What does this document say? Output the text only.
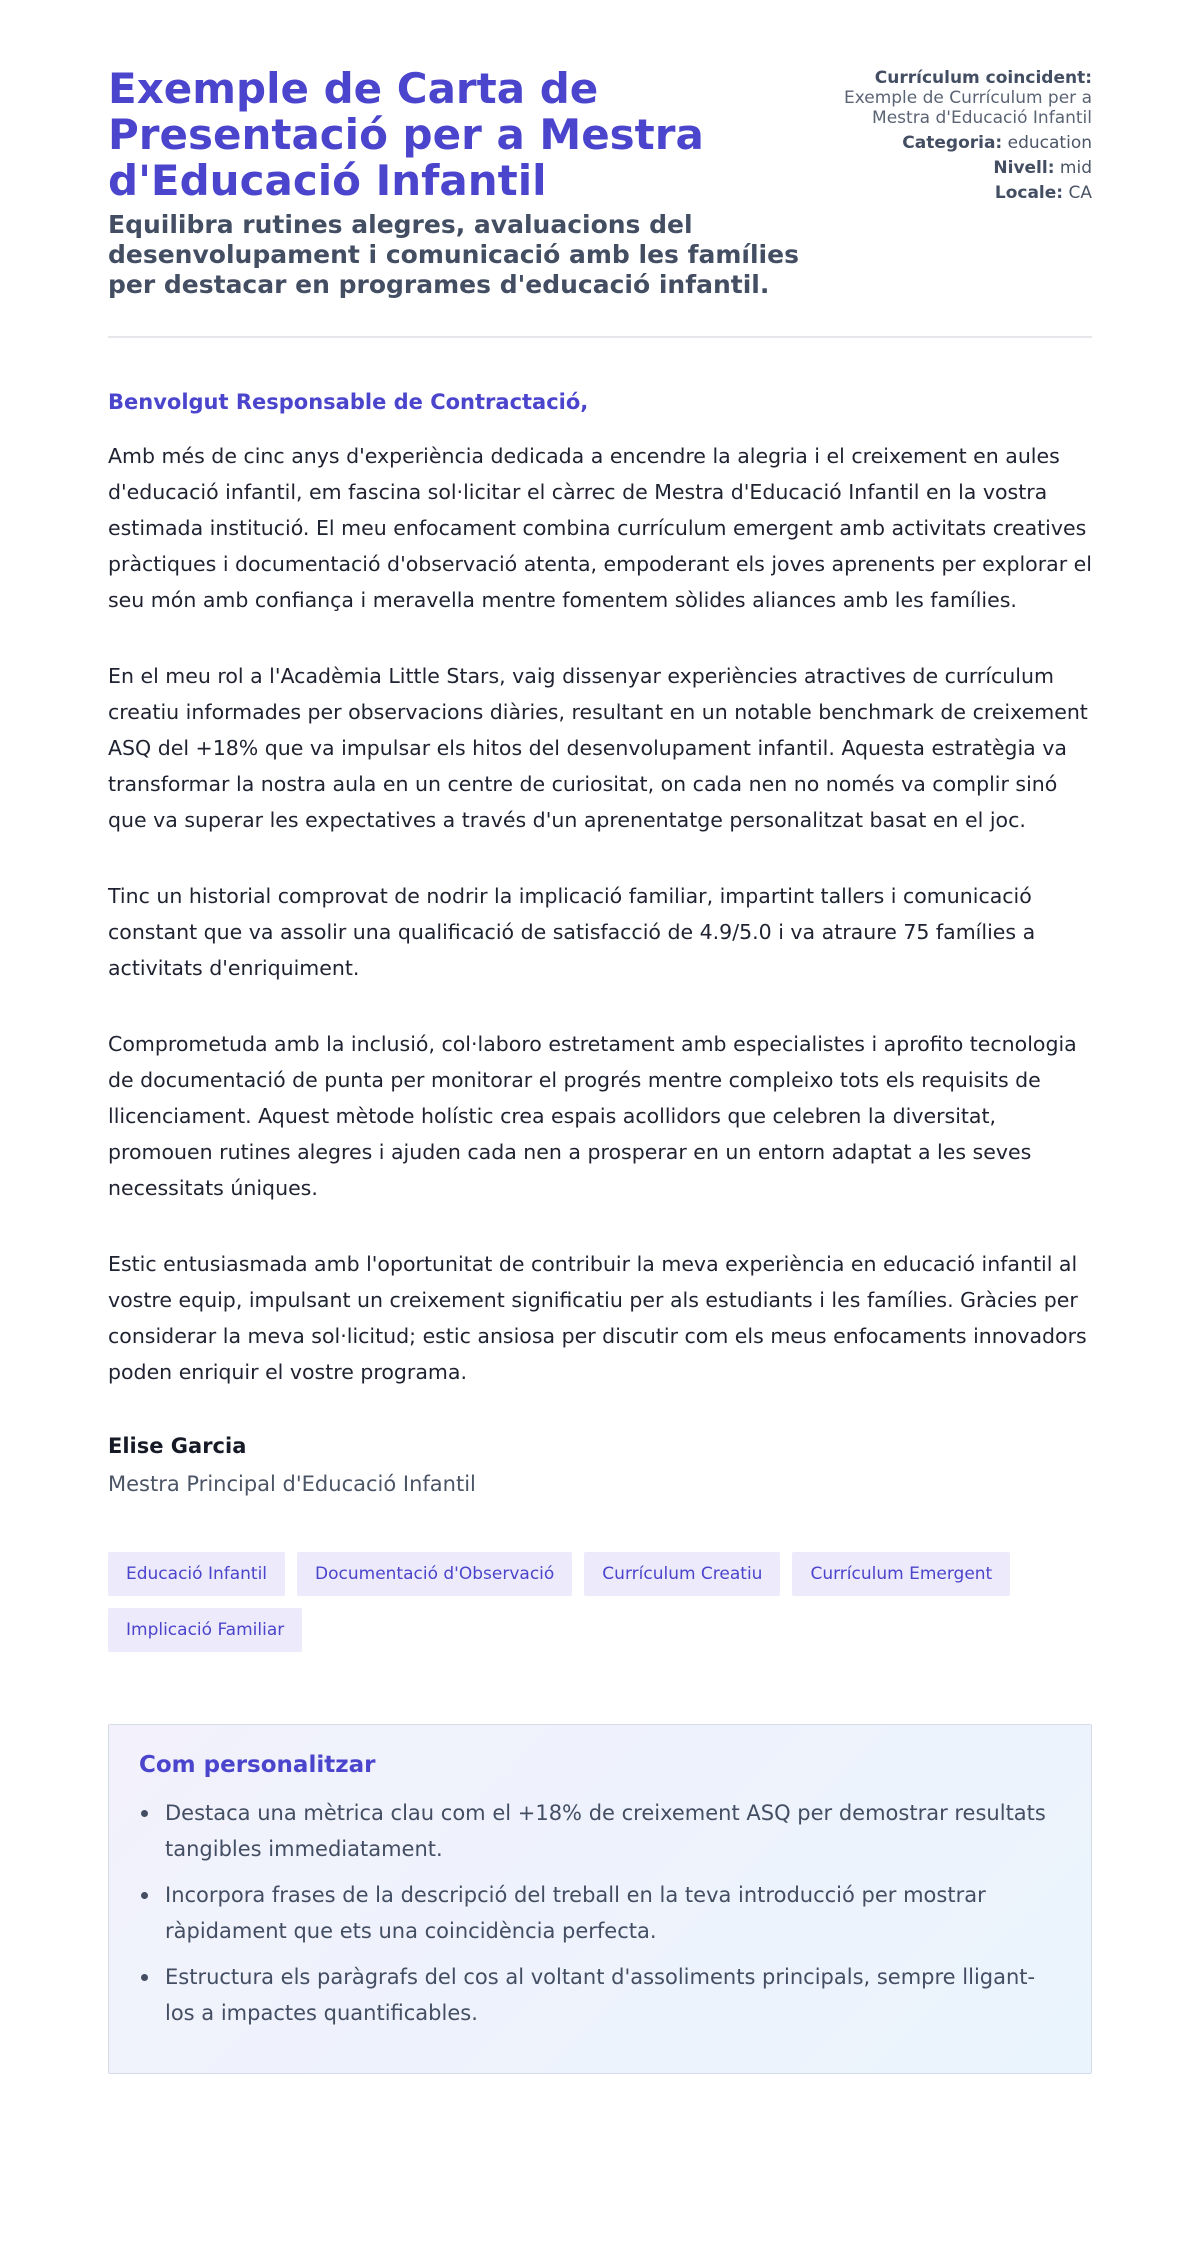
Exemple de Carta de Presentació per a Mestra d'Educació Infantil
Equilibra rutines alegres, avaluacions del desenvolupament i comunicació amb les famílies per destacar en programes d'educació infantil.
Currículum coincident:
Exemple de Currículum per a Mestra d'Educació Infantil
Categoria: education
Nivell: mid
Locale: CA
Benvolgut Responsable de Contractació,

Amb més de cinc anys d'experiència dedicada a encendre la alegria i el creixement en aules d'educació infantil, em fascina sol·licitar el càrrec de Mestra d'Educació Infantil en la vostra estimada institució. El meu enfocament combina currículum emergent amb activitats creatives pràctiques i documentació d'observació atenta, empoderant els joves aprenents per explorar el seu món amb confiança i meravella mentre fomentem sòlides aliances amb les famílies.

En el meu rol a l'Acadèmia Little Stars, vaig dissenyar experiències atractives de currículum creatiu informades per observacions diàries, resultant en un notable benchmark de creixement ASQ del +18% que va impulsar els hitos del desenvolupament infantil. Aquesta estratègia va transformar la nostra aula en un centre de curiositat, on cada nen no només va complir sinó que va superar les expectatives a través d'un aprenentatge personalitzat basat en el joc.

Tinc un historial comprovat de nodrir la implicació familiar, impartint tallers i comunicació constant que va assolir una qualificació de satisfacció de 4.9/5.0 i va atraure 75 famílies a activitats d'enriquiment.

Comprometuda amb la inclusió, col·laboro estretament amb especialistes i aprofito tecnologia de documentació de punta per monitorar el progrés mentre compleixo tots els requisits de llicenciament. Aquest mètode holístic crea espais acollidors que celebren la diversitat, promouen rutines alegres i ajuden cada nen a prosperar en un entorn adaptat a les seves necessitats úniques.

Estic entusiasmada amb l'oportunitat de contribuir la meva experiència en educació infantil al vostre equip, impulsant un creixement significatiu per als estudiants i les famílies. Gràcies per considerar la meva sol·licitud; estic ansiosa per discutir com els meus enfocaments innovadors poden enriquir el vostre programa.

Elise Garcia
Mestra Principal d'Educació Infantil
Educació Infantil	Documentació d'Observació	Currículum Creatiu	Currículum Emergent
Implicació Familiar
Com personalitzar
Destaca una mètrica clau com el +18% de creixement ASQ per demostrar resultats tangibles immediatament.
Incorpora frases de la descripció del treball en la teva introducció per mostrar ràpidament que ets una coincidència perfecta.
Estructura els paràgrafs del cos al voltant d'assoliments principals, sempre lligant-los a impactes quantificables.
